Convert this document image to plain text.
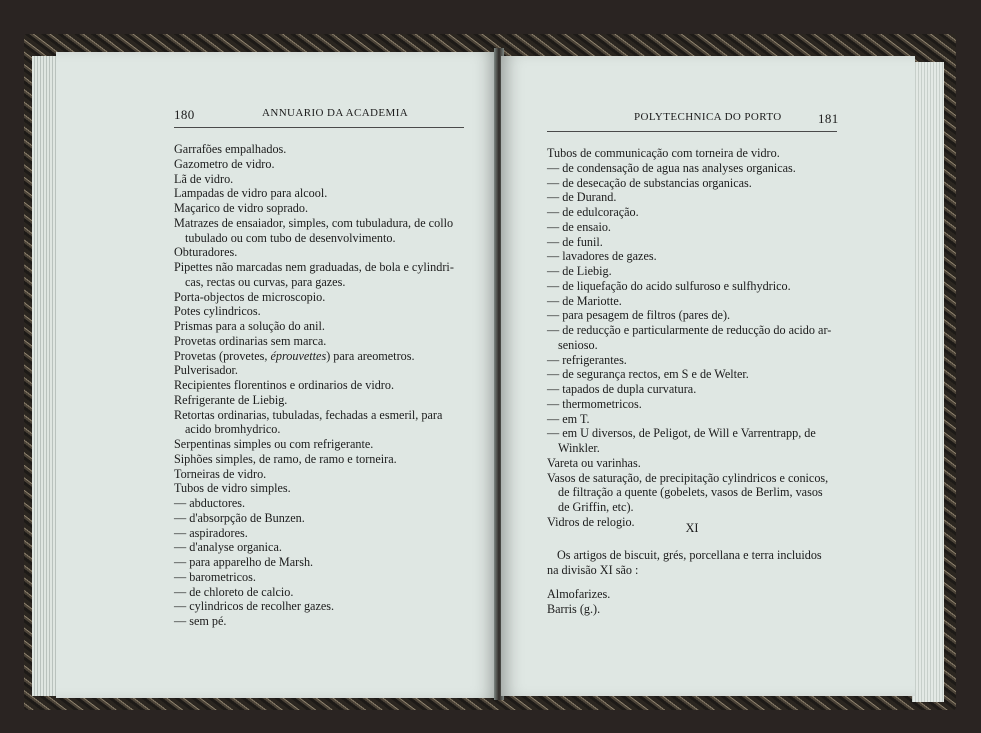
180	ANNUARIO DA ACADEMIA
Garrafões empalhados.
Gazometro de vidro.
Lã de vidro.
Lampadas de vidro para alcool.
Maçarico de vidro soprado.
Matrazes de ensaiador, simples, com tubuladura, de collo
tubulado ou com tubo de desenvolvimento.
Obturadores.
Pipettes não marcadas nem graduadas, de bola e cylindri-
cas, rectas ou curvas, para gazes.
Porta-objectos de microscopio.
Potes cylindricos.
Prismas para a solução do anil.
Provetas ordinarias sem marca.
Provetas (provetes, éprouvettes) para areometros.
Pulverisador.
Recipientes florentinos e ordinarios de vidro.
Refrigerante de Liebig.
Retortas ordinarias, tubuladas, fechadas a esmeril, para
acido bromhydrico.
Serpentinas simples ou com refrigerante.
Siphões simples, de ramo, de ramo e torneira.
Torneiras de vidro.
Tubos de vidro simples.
— abductores.
— d'absorpção de Bunzen.
— aspiradores.
— d'analyse organica.
— para apparelho de Marsh.
— barometricos.
— de chloreto de calcio.
— cylindricos de recolher gazes.
— sem pé.
POLYTECHNICA DO PORTO	181
Tubos de communicação com torneira de vidro.
— de condensação de agua nas analyses organicas.
— de desecação de substancias organicas.
— de Durand.
— de edulcoração.
— de ensaio.
— de funil.
— lavadores de gazes.
— de Liebig.
— de liquefação do acido sulfuroso e sulfhydrico.
— de Mariotte.
— para pesagem de filtros (pares de).
— de reducção e particularmente de reducção do acido ar-
senioso.
— refrigerantes.
— de segurança rectos, em S e de Welter.
— tapados de dupla curvatura.
— thermometricos.
— em T.
— em U diversos, de Peligot, de Will e Varrentrapp, de
Winkler.
Vareta ou varinhas.
Vasos de saturação, de precipitação cylindricos e conicos,
de filtração a quente (gobelets, vasos de Berlim, vasos
de Griffin, etc).
Vidros de relogio.	XI
Os artigos de biscuit, grés, porcellana e terra incluidos
na divisão XI são :
Almofarizes.
Barris (g.).
